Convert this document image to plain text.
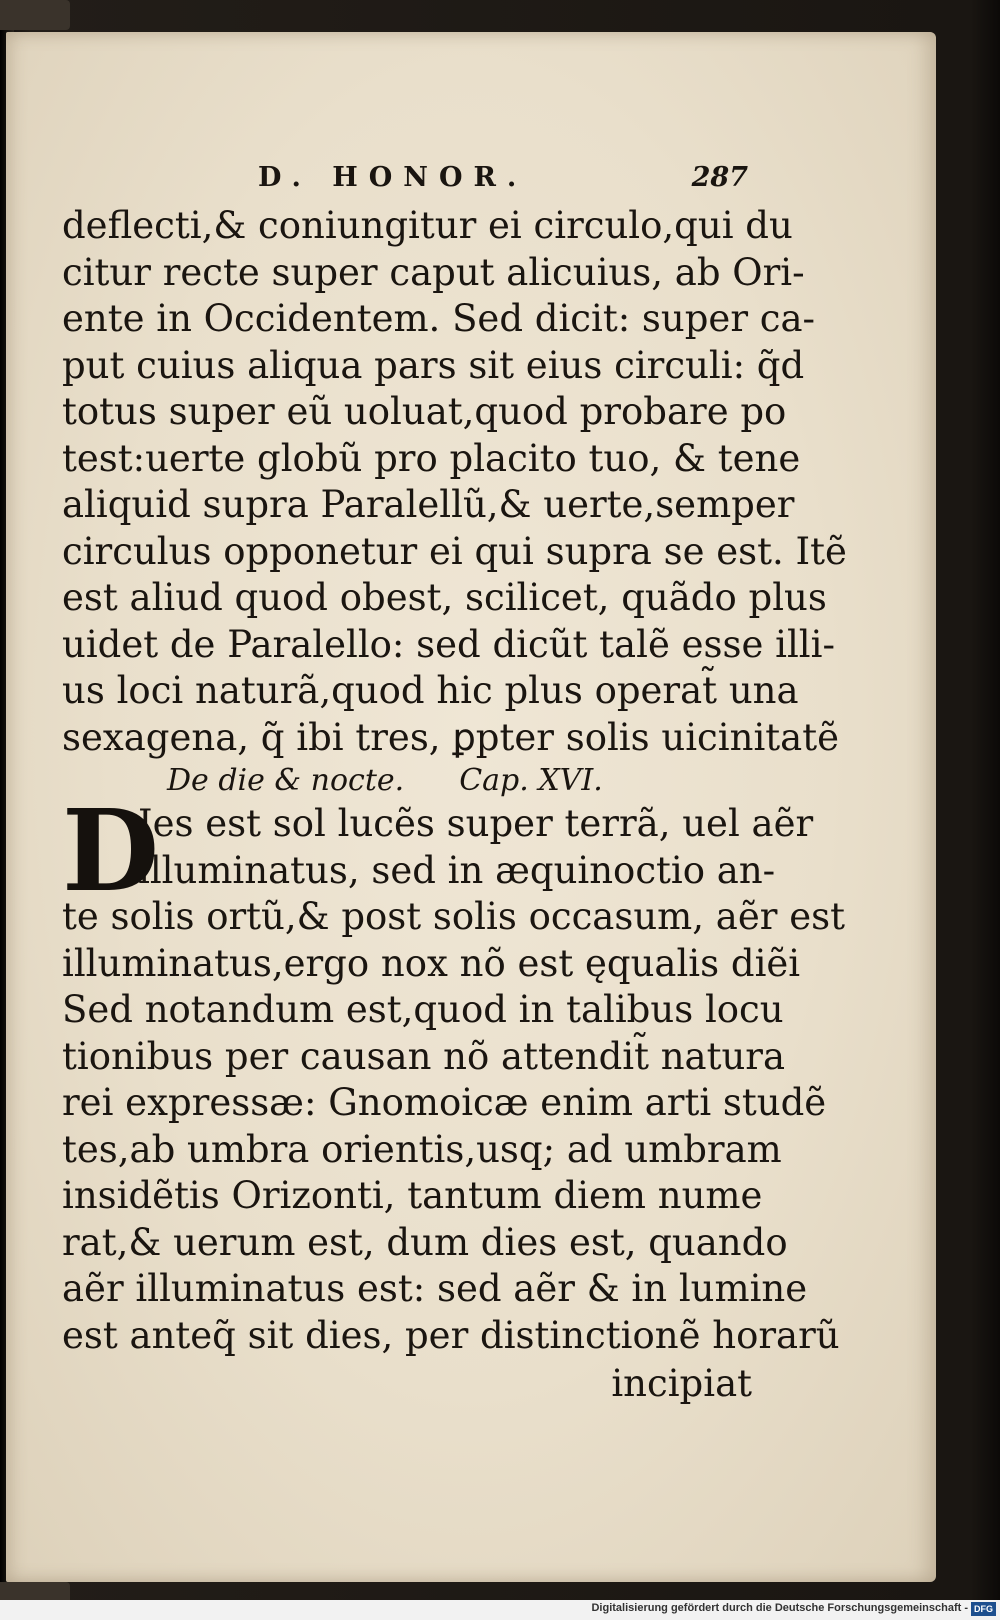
D. HONOR.	287
deflecti,& coniungitur ei circulo,qui du
citur recte super caput alicuius, ab Ori-
ente in Occidentem. Sed dicit: super ca-
put cuius aliqua pars sit eius circuli: q̃d
totus super eũ uoluat,quod probare po
test:uerte globũ pro placito tuo, & tene
aliquid supra Paralellũ,& uerte,semper
circulus opponetur ei qui supra se est. Itẽ
est aliud quod obest, scilicet, quãdo plus
uidet de Paralello: sed dicũt talẽ esse illi-
us loci naturã,quod hic plus operat̃ una
sexagena, q̃ ibi tres, ꝑpter solis uicinitatẽ
De die & nocte. Cap. XVI.
D
Ies est sol lucẽs super terrã, uel aẽr
illuminatus, sed in æquinoctio an-
te solis ortũ,& post solis occasum, aẽr est
illuminatus,ergo nox nõ est ęqualis diẽi
Sed notandum est,quod in talibus locu
tionibus per causan nõ attendit̃ natura
rei expressæ: Gnomoicæ enim arti studẽ
tes,ab umbra orientis,usq; ad umbram
insidẽtis Orizonti, tantum diem nume
rat,& uerum est, dum dies est, quando
aẽr illuminatus est: sed aẽr & in lumine
est anteq̃ sit dies, per distinctionẽ horarũ
incipiat
Digitalisierung gefördert durch die Deutsche Forschungsgemeinschaft - DFG
